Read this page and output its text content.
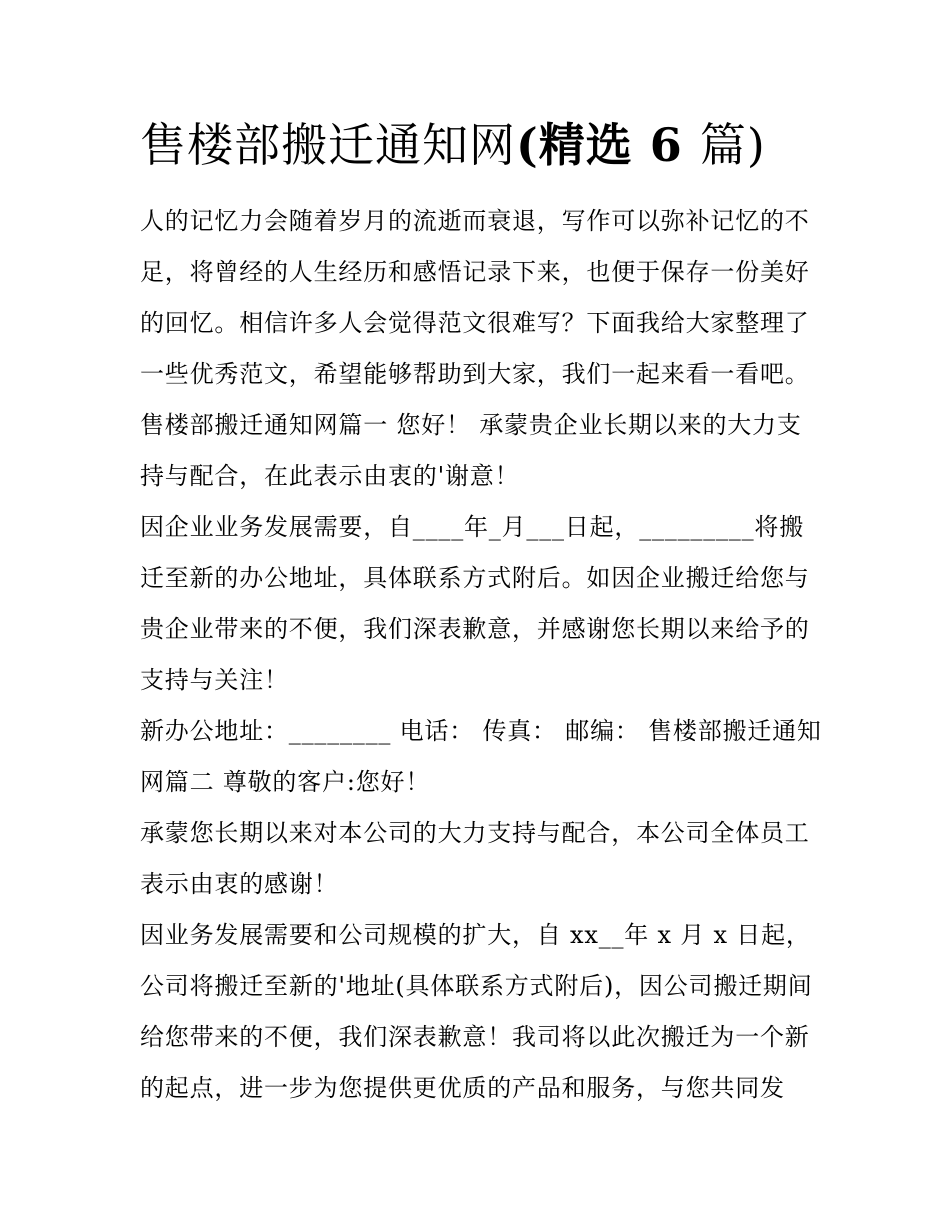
售楼部搬迁通知网(精选 6 篇)
人的记忆力会随着岁月的流逝而衰退，写作可以弥补记忆的不
足，将曾经的人生经历和感悟记录下来，也便于保存一份美好
的回忆。相信许多人会觉得范文很难写？下面我给大家整理了
一些优秀范文，希望能够帮助到大家，我们一起来看一看吧。
售楼部搬迁通知网篇一 您好！ 承蒙贵企业长期以来的大力支
持与配合，在此表示由衷的'谢意！
因企业业务发展需要，自____年_月___日起，_________将搬
迁至新的办公地址，具体联系方式附后。如因企业搬迁给您与
贵企业带来的不便，我们深表歉意，并感谢您长期以来给予的
支持与关注！
新办公地址：________ 电话： 传真： 邮编： 售楼部搬迁通知
网篇二 尊敬的客户:您好！
承蒙您长期以来对本公司的大力支持与配合，本公司全体员工
表示由衷的感谢！
因业务发展需要和公司规模的扩大，自 xx__年 x 月 x 日起，
公司将搬迁至新的'地址(具体联系方式附后)，因公司搬迁期间
给您带来的不便，我们深表歉意！我司将以此次搬迁为一个新
的起点，进一步为您提供更优质的产品和服务，与您共同发
